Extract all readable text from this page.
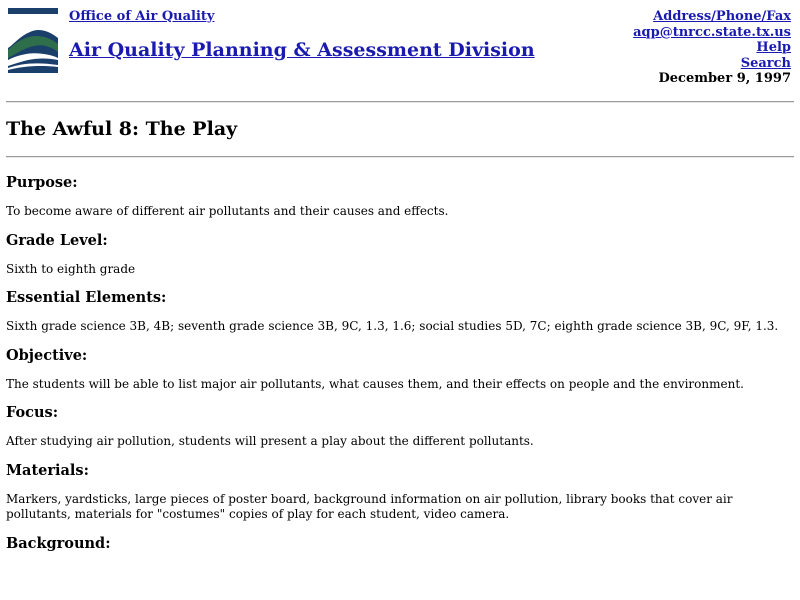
Office of Air Quality
Air Quality Planning & Assessment Division
Address/Phone/Fax
aqp@tnrcc.state.tx.us
Help
Search
December 9, 1997
The Awful 8: The Play
Purpose:

To become aware of different air pollutants and their causes and effects.

Grade Level:

Sixth to eighth grade

Essential Elements:

Sixth grade science 3B, 4B; seventh grade science 3B, 9C, 1.3, 1.6; social studies 5D, 7C; eighth grade science 3B, 9C, 9F, 1.3.

Objective:

The students will be able to list major air pollutants, what causes them, and their effects on people and the environment.

Focus:

After studying air pollution, students will present a play about the different pollutants.

Materials:

Markers, yardsticks, large pieces of poster board, background information on air pollution, library books that cover air pollutants, materials for "costumes" copies of play for each student, video camera.

Background:
